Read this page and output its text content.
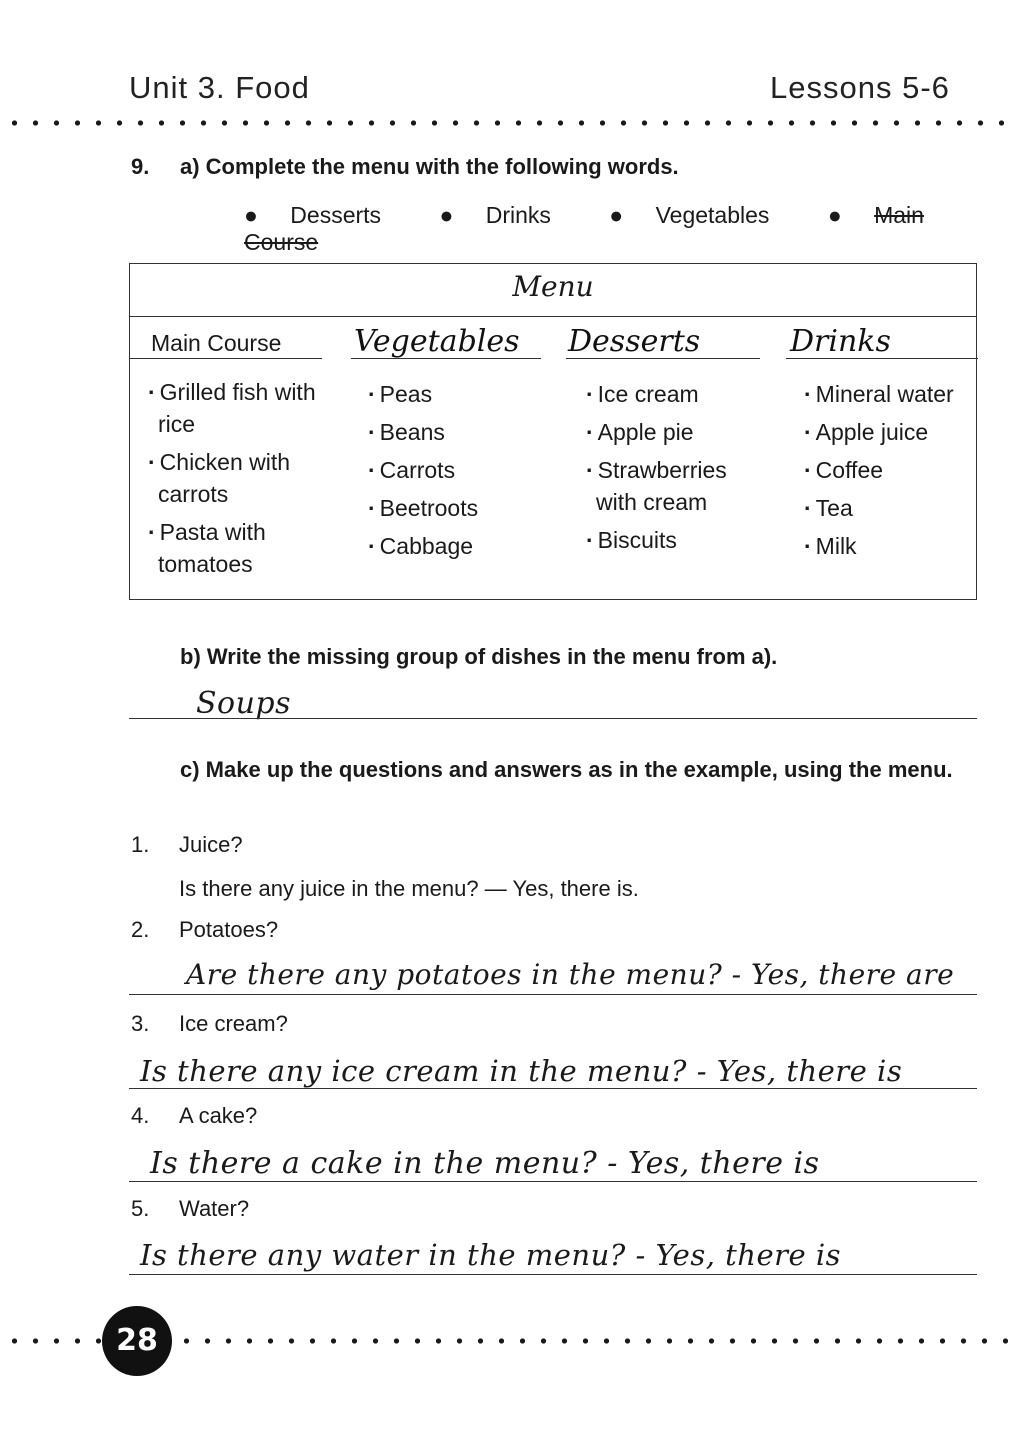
Unit 3. Food	Lessons 5-6
9. a) Complete the menu with the following words.
● Desserts	● Drinks	● Vegetables	● Main Course
Menu
Main Course
· Grilled fish with rice
· Chicken with carrots
· Pasta with tomatoes
Vegetables
· Peas
· Beans
· Carrots
· Beetroots
· Cabbage
Desserts
· Ice cream
· Apple pie
· Strawberries with cream
· Biscuits
Drinks
· Mineral water
· Apple juice
· Coffee
· Tea
· Milk
b) Write the missing group of dishes in the menu from a).
Soups
c) Make up the questions and answers as in the example, using the menu.
1. Juice?
Is there any juice in the menu? — Yes, there is.
2. Potatoes?
Are there any potatoes in the menu? - Yes, there are
3. Ice cream?
Is there any ice cream in the menu? - Yes, there is
4. A cake?
Is there a cake in the menu? - Yes, there is
5. Water?
Is there any water in the menu? - Yes, there is
28
